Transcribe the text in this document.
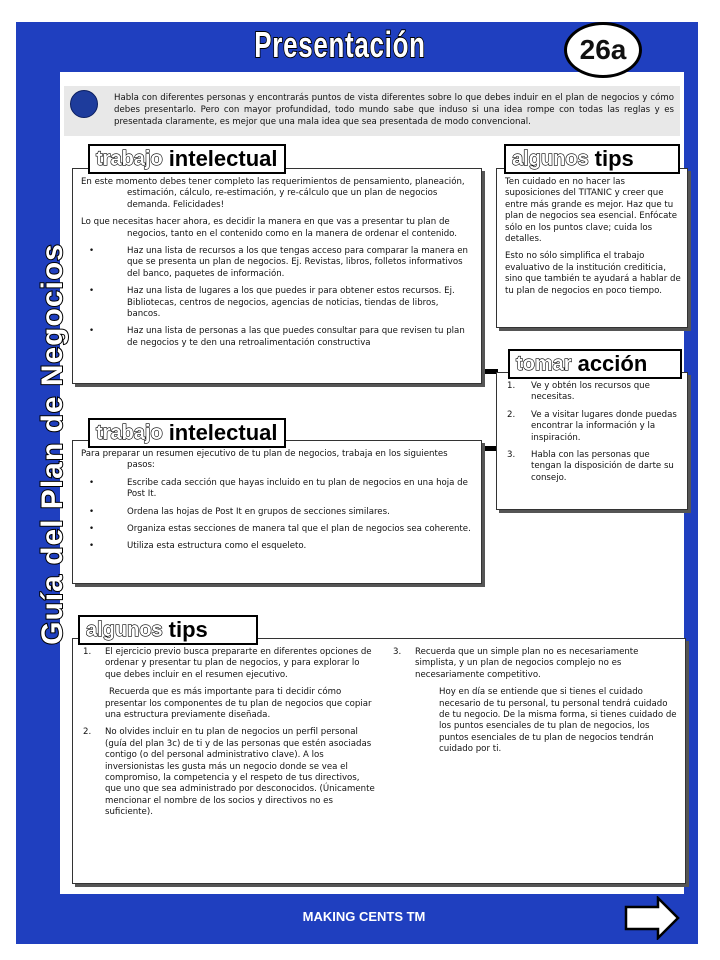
Presentación	26a
Guía del Plan de Negocios

Habla con diferentes personas y encontrarás puntos de vista diferentes sobre lo que debes induir en el plan de negocios y cómo debes presentarlo. Pero con mayor profundidad, todo mundo sabe que induso si una idea rompe con todas las reglas y es presentada claramente, es mejor que una mala idea que sea presentada de modo convencional.

En este momento debes tener completo las requerimientos de pensamiento, planeación, estimación, cálculo, re-estimación, y re-cálculo que un plan de negocios demanda. Felicidades!

Lo que necesitas hacer ahora, es decidir la manera en que vas a presentar tu plan de negocios, tanto en el contenido como en la manera de ordenar el contenido.

• Haz una lista de recursos a los que tengas acceso para comparar la manera en que se presenta un plan de negocios. Ej. Revistas, libros, folletos informativos del banco, paquetes de información.

• Haz una lista de lugares a los que puedes ir para obtener estos recursos. Ej. Bibliotecas, centros de negocios, agencias de noticias, tiendas de libros, bancos.

• Haz una lista de personas a las que puedes consultar para que revisen tu plan de negocios y te den una retroalimentación constructiva

trabajo intelectual

Ten cuidado en no hacer las suposiciones del TITANIC y creer que entre más grande es mejor. Haz que tu plan de negocios sea esencial. Enfócate sólo en los puntos clave; cuida los detalles.

Esto no sólo simplifica el trabajo evaluativo de la institución crediticia, sino que también te ayudará a hablar de tu plan de negocios en poco tiempo.

algunos tips
1. Ve y obtén los recursos que necesitas.
2. Ve a visitar lugares donde puedas encontrar la información y la inspiración.
3. Habla con las personas que tengan la disposición de darte su consejo.
tomar acción

Para preparar un resumen ejecutivo de tu plan de negocios, trabaja en los siguientes pasos:

• Escribe cada sección que hayas incluido en tu plan de negocios en una hoja de Post It.

• Ordena las hojas de Post It en grupos de secciones similares.

• Organiza estas secciones de manera tal que el plan de negocios sea coherente.

• Utiliza esta estructura como el esqueleto.

trabajo intelectual
1. El ejercicio previo busca prepararte en diferentes opciones de ordenar y presentar tu plan de negocios, y para explorar lo que debes incluir en el resumen ejecutivo.

Recuerda que es más importante para ti decidir cómo presentar los componentes de tu plan de negocios que copiar una estructura previamente diseñada.

2. No olvides incluir en tu plan de negocios un perfil personal (guía del plan 3c) de ti y de las personas que estén asociadas contigo (o del personal administrativo clave). A los inversionistas les gusta más un negocio donde se vea el compromiso, la competencia y el respeto de tus directivos, que uno que sea administrado por desconocidos. (Únicamente mencionar el nombre de los socios y directivos no es suficiente).
3. Recuerda que un simple plan no es necesariamente simplista, y un plan de negocios complejo no es necesariamente competitivo.

Hoy en día se entiende que si tienes el cuidado necesario de tu personal, tu personal tendrá cuidado de tu negocio. De la misma forma, si tienes cuidado de los puntos esenciales de tu plan de negocios, los puntos esenciales de tu plan de negocios tendrán cuidado por ti.

algunos tips
MAKING CENTS TM
